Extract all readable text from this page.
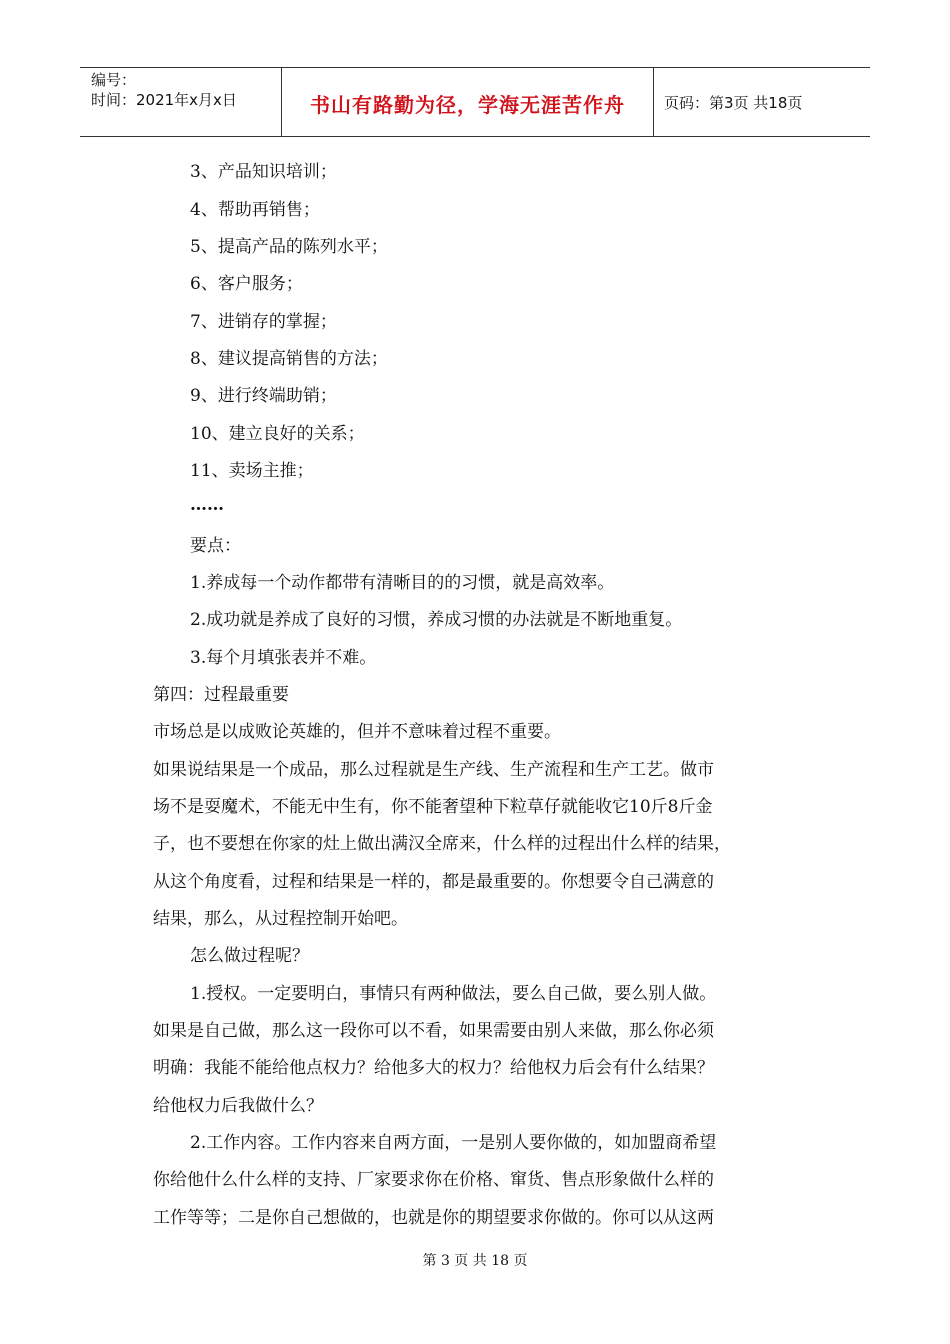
编号：
时间：2021年x月x日	书山有路勤为径，学海无涯苦作舟	页码：第3页 共18页
3、产品知识培训；
4、帮助再销售；
5、提高产品的陈列水平；
6、客户服务；
7、进销存的掌握；
8、建议提高销售的方法；
9、进行终端助销；
10、建立良好的关系；
11、卖场主推；
……
要点：
1.养成每一个动作都带有清晰目的的习惯，就是高效率。
2.成功就是养成了良好的习惯，养成习惯的办法就是不断地重复。
3.每个月填张表并不难。
第四：过程最重要
市场总是以成败论英雄的，但并不意味着过程不重要。
如果说结果是一个成品，那么过程就是生产线、生产流程和生产工艺。做市
场不是耍魔术，不能无中生有，你不能奢望种下粒草仔就能收它10斤8斤金
子，也不要想在你家的灶上做出满汉全席来，什么样的过程出什么样的结果，
从这个角度看，过程和结果是一样的，都是最重要的。你想要令自己满意的
结果，那么，从过程控制开始吧。
怎么做过程呢？
1.授权。一定要明白，事情只有两种做法，要么自己做，要么别人做。
如果是自己做，那么这一段你可以不看，如果需要由别人来做，那么你必须
明确：我能不能给他点权力？给他多大的权力？给他权力后会有什么结果？
给他权力后我做什么？
2.工作内容。工作内容来自两方面，一是别人要你做的，如加盟商希望
你给他什么什么样的支持、厂家要求你在价格、窜货、售点形象做什么样的
工作等等；二是你自己想做的，也就是你的期望要求你做的。你可以从这两
第 3 页 共 18 页
